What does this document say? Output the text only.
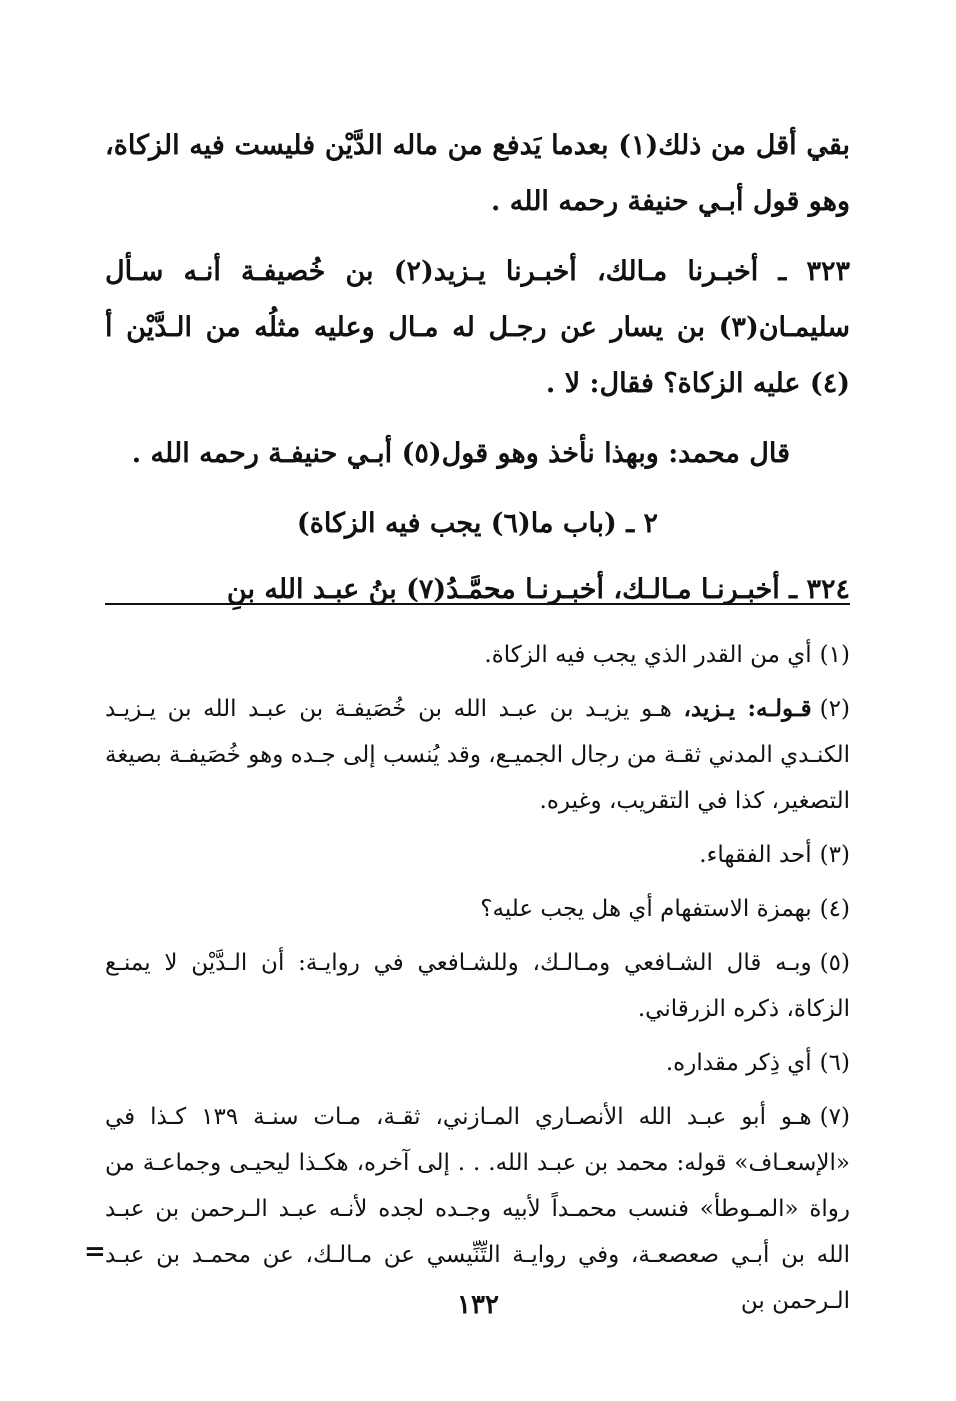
بقي أقل من ذلك(١) بعدما يَدفع من ماله الدَّيْن فليست فيه الزكاة، وهو قول أبـي حنيفة رحمه الله .

٣٢٣ ـ أخبـرنا مـالك، أخبـرنا يـزيد(٢) بن خُصيفـة أنـه سـأل سليمـان(٣) بن يسار عن رجـل له مـال وعليه مثلُه من الـدَّيْن أ (٤) عليه الزكاة؟ فقال: لا .

قال محمد: وبهذا نأخذ وهو قول(٥) أبـي حنيفـة رحمه الله .

٢ ـ (باب ما(٦) يجب فيه الزكاة)

٣٢٤ ـ أخبـرنـا مـالـك، أخبـرنـا محمَّـدُ(٧) بنُ عبـد الله بنِ

(١)أي من القدر الذي يجب فيه الزكاة.

(٢)قـولـه: يـزيد، هـو يزيـد بن عبـد الله بن خُصَيفـة بن عبـد الله بن يـزيـد الكنـدي المدني ثقـة من رجال الجميـع، وقد يُنسب إلى جـده وهو خُصَيفـة بصيغة التصغير، كذا في التقريب، وغيره.

(٣)أحد الفقهاء.

(٤)بهمزة الاستفهام أي هل يجب عليه؟

(٥)وبـه قال الشـافعي ومـالـك، وللشـافعي في روايـة: أن الـدَّيْن لا يمنـع الزكاة، ذكره الزرقاني.

(٦)أي ذِكر مقداره.

(٧)هـو أبو عبـد الله الأنصـاري المـازني، ثقـة، مـات سنـة ١٣٩ كـذا في «الإسعـاف» قوله: محمد بن عبـد الله. . . إلى آخره، هكـذا ليحيـى وجماعـة من رواة «المـوطأ» فنسب محمـداً لأبيه وجـده لجده لأنـه عبـد الـرحمن بن عبـد الله بن أبـي صعصعـة، وفي روايـة التِّنِّيسي عن مـالـك، عن محمـد بن عبـد الـرحمن بن

=
١٣٢
